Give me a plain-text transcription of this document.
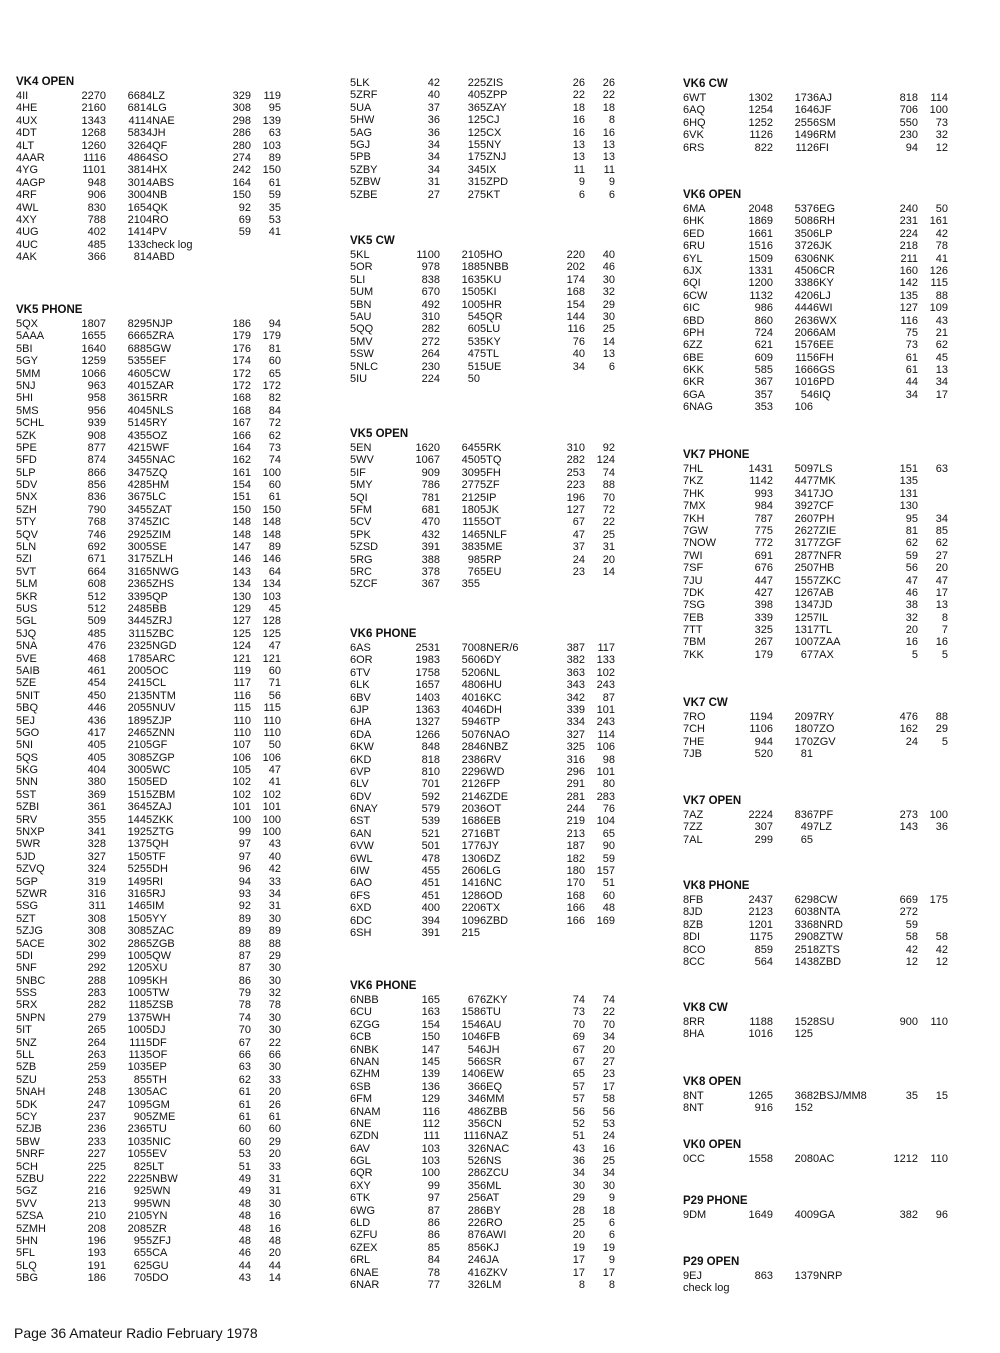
VK4 OPEN
4II	2270	668 4LZ	329	119
4HE	2160	681 4LG	308	95
4UX	1343	411 4NAE	298	139
4DT	1268	583 4JH	286	63
4LT	1260	326 4QF	280	103
4AAR	1116	486 4SO	274	89
4YG	1101	381 4HX	242	150
4AGP	948	301 4ABS	164	61
4RF	906	300 4NB	150	59
4WL	830	165 4QK	92	35
4XY	788	210 4RO	69	53
4UG	402	141 4PV	59	41
4UC	485	133 check log
4AK	366	81 4ABD
VK5 PHONE
5QX	1807	829 5NJP	186	94
5AAA	1655	666 5ZRA	179	179
5BI	1640	688 5GW	176	81
5GY	1259	535 5EF	174	60
5MM	1066	460 5CW	172	65
5NJ	963	401 5ZAR	172	172
5HI	958	361 5RR	168	82
5MS	956	404 5NLS	168	84
5CHL	939	514 5RY	167	72
5ZK	908	435 5OZ	166	62
5PE	877	421 5WF	164	73
5FD	874	345 5NAC	162	74
5LP	866	347 5ZQ	161	100
5DV	856	428 5HM	154	60
5NX	836	367 5LC	151	61
5ZH	790	345 5ZAT	150	150
5TY	768	374 5ZIC	148	148
5QV	746	292 5ZIM	148	148
5LN	692	300 5SE	147	89
5ZI	671	317 5ZLH	146	146
5VT	664	316 5NWG	143	64
5LM	608	236 5ZHS	134	134
5KR	512	339 5QP	130	103
5US	512	248 5BB	129	45
5GL	509	344 5ZRJ	127	128
5JQ	485	311 5ZBC	125	125
5NA	476	232 5NGD	124	47
5VE	468	178 5ARC	121	121
5AIB	461	200 5OC	119	60
5ZE	454	241 5CL	117	71
5NIT	450	213 5NTM	116	56
5BQ	446	205 5NUV	115	115
5EJ	436	189 5ZJP	110	110
5GO	417	246 5ZNN	110	110
5NI	405	210 5GF	107	50
5QS	405	308 5ZGP	106	106
5KG	404	300 5WC	105	47
5NN	380	150 5ED	102	41
5ST	369	151 5ZBM	102	102
5ZBI	361	364 5ZAJ	101	101
5RV	355	144 5ZKK	100	100
5NXP	341	192 5ZTG	99	100
5WR	328	137 5QH	97	43
5JD	327	150 5TF	97	40
5ZVQ	324	525 5DH	96	42
5GP	319	149 5RI	94	33
5ZWR	316	316 5RJ	93	34
5SG	311	146 5IM	92	31
5ZT	308	150 5YY	89	30
5ZJG	308	308 5ZAC	89	89
5ACE	302	286 5ZGB	88	88
5DI	299	100 5QW	87	29
5NF	292	120 5XU	87	30
5NBC	288	109 5KH	86	30
5SS	283	100 5TW	79	32
5RX	282	118 5ZSB	78	78
5NPN	279	137 5WH	74	30
5IT	265	100 5DJ	70	30
5NZ	264	111 5DF	67	22
5LL	263	113 5OF	66	66
5ZB	259	103 5EP	63	30
5ZU	253	85 5TH	62	33
5NAH	248	130 5AC	61	20
5DK	247	109 5GM	61	26
5CY	237	90 5ZME	61	61
5ZJB	236	236 5TU	60	60
5BW	233	103 5NIC	60	29
5NRF	227	105 5EV	53	20
5CH	225	82 5LT	51	33
5ZBU	222	222 5NBW	49	31
5GZ	216	92 5WN	49	31
5VV	213	99 5WN	48	30
5ZSA	210	210 5YN	48	16
5ZMH	208	208 5ZR	48	16
5HN	196	95 5ZFJ	48	48
5FL	193	65 5CA	46	20
5LQ	191	62 5GU	44	44
5BG	186	70 5DO	43	14
5LK	42	22 5ZIS	26	26
5ZRF	40	40 5ZPP	22	22
5UA	37	36 5ZAY	18	18
5HW	36	12 5CJ	16	8
5AG	36	12 5CX	16	16
5GJ	34	15 5NY	13	13
5PB	34	17 5ZNJ	13	13
5ZBY	34	34 5IX	11	11
5ZBW	31	31 5ZPD	9	9
5ZBE	27	27 5KT	6	6
VK5 CW
5KL	1100	210 5HO	220	40
5OR	978	188 5NBB	202	46
5LI	838	163 5KU	174	30
5UM	670	150 5KI	168	32
5BN	492	100 5HR	154	29
5AU	310	54 5QR	144	30
5QQ	282	60 5LU	116	25
5MV	272	53 5KY	76	14
5SW	264	47 5TL	40	13
5NLC	230	51 5UE	34	6
5IU	224	50
VK5 OPEN
5EN	1620	645 5RK	310	92
5WV	1067	450 5TQ	282	124
5IF	909	309 5FH	253	74
5MY	786	277 5ZF	223	88
5QI	781	212 5IP	196	70
5FM	681	180 5JK	127	72
5CV	470	115 5OT	67	22
5PK	432	146 5NLF	47	25
5ZSD	391	383 5ME	37	31
5RG	388	98 5RP	24	20
5RC	378	76 5EU	23	14
5ZCF	367	355
VK6 PHONE
6AS	2531	700 8NER/6	387	117
6OR	1983	560 6DY	382	133
6TV	1758	520 6NL	363	102
6LK	1657	480 6HU	343	243
6BV	1403	401 6KC	342	87
6JP	1363	404 6DH	339	101
6HA	1327	594 6TP	334	243
6DA	1266	507 6NAO	327	114
6KW	848	284 6NBZ	325	106
6KD	818	238 6RV	316	98
6VP	810	229 6WD	296	101
6LV	701	212 6FP	291	80
6DV	592	214 6ZDE	281	283
6NAY	579	203 6OT	244	76
6ST	539	168 6EB	219	104
6AN	521	271 6BT	213	65
6VW	501	177 6JY	187	90
6WL	478	130 6DZ	182	59
6IW	455	260 6LG	180	157
6AO	451	141 6NC	170	51
6FS	451	128 6OD	168	60
6XD	400	220 6TX	166	48
6DC	394	109 6ZBD	166	169
6SH	391	215
VK6 PHONE
6NBB	165	67 6ZKY	74	74
6CU	163	158 6TU	73	22
6ZGG	154	154 6AU	70	70
6CB	150	104 6FB	69	34
6NBK	147	54 6JH	67	20
6NAN	145	56 6SR	67	27
6ZHM	139	140 6EW	65	23
6SB	136	36 6EQ	57	17
6FM	129	34 6MM	57	58
6NAM	116	48 6ZBB	56	56
6NE	112	35 6CN	52	53
6ZDN	111	111 6NAZ	51	24
6AV	103	32 6NAC	43	16
6GL	103	52 6NS	36	25
6QR	100	28 6ZCU	34	34
6XY	99	35 6ML	30	30
6TK	97	25 6AT	29	9
6WG	87	28 6BY	28	18
6LD	86	22 6RO	25	6
6ZFU	86	87 6AWI	20	6
6ZEX	85	85 6KJ	19	19
6RL	84	24 6JA	17	9
6NAE	78	41 6ZKV	17	17
6NAR	77	32 6LM	8	8
VK6 CW
6WT	1302	173 6AJ	818	114
6AQ	1254	164 6JF	706	100
6HQ	1252	255 6SM	550	73
6VK	1126	149 6RM	230	32
6RS	822	112 6FI	94	12
VK6 OPEN
6MA	2048	537 6EG	240	50
6HK	1869	508 6RH	231	161
6ED	1661	350 6LP	224	42
6RU	1516	372 6JK	218	78
6YL	1509	630 6NK	211	41
6JX	1331	450 6CR	160	126
6QI	1200	338 6KY	142	115
6CW	1132	420 6LJ	135	88
6IC	986	444 6WI	127	109
6BD	860	263 6WX	116	43
6PH	724	206 6AM	75	21
6ZZ	621	157 6EE	73	62
6BE	609	115 6FH	61	45
6KK	585	166 6GS	61	13
6KR	367	101 6PD	44	34
6GA	357	54 6IQ	34	17
6NAG	353	106
VK7 PHONE
7HL	1431	509 7LS	151	63
7KZ	1142	447 7MK	135
7HK	993	341 7JO	131
7MX	984	392 7CF	130
7KH	787	260 7PH	95	34
7GW	775	262 7ZIE	81	85
7NOW	772	317 7ZGF	62	62
7WI	691	287 7NFR	59	27
7SF	676	250 7HB	56	20
7JU	447	155 7ZKC	47	47
7DK	427	126 7AB	46	17
7SG	398	134 7JD	38	13
7EB	339	125 7IL	32	8
7TT	325	131 7TL	20	7
7BM	267	100 7ZAA	16	16
7KK	179	67 7AX	5	5
VK7 CW
7RO	1194	209 7RY	476	88
7CH	1106	180 7ZO	162	29
7HE	944	170 ZGV	24	5
7JB	520	81
VK7 OPEN
7AZ	2224	836 7PF	273	100
7ZZ	307	49 7LZ	143	36
7AL	299	65
VK8 PHONE
8FB	2437	629 8CW	669	175
8JD	2123	603 8NTA	272
8ZB	1201	336 8NRD	59
8DI	1175	290 8ZTW	58	58
8CO	859	251 8ZTS	42	42
8CC	564	143 8ZBD	12	12
VK8 CW
8RR	1188	152 8SU	900	110
8HA	1016	125
VK8 OPEN
8NT	1265	368 2BSJ/MM8	35	15
8NT	916	152
VK0 OPEN
0CC	1558	208 0AC	1212	110
P29 PHONE
9DM	1649	400 9GA	382	96
P29 OPEN
9EJ	863	137 9NRP
check log
Page 36 Amateur Radio February 1978
